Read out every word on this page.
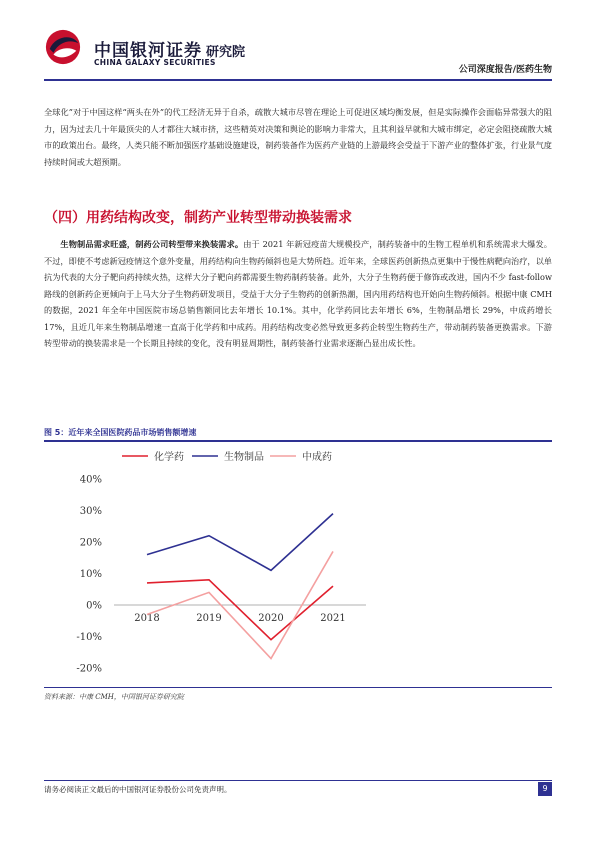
中国银河证券
CHINA GALAXY SECURITIES
研究院
公司深度报告/医药生物

全球化”对于中国这样“两头在外”的代工经济无异于自杀，疏散大城市尽管在理论上可促进区域均衡发展，但是实际操作会面临异常强大的阻力，因为过去几十年最顶尖的人才都往大城市挤，这些精英对决策和舆论的影响力非常大，且其利益早就和大城市绑定，必定会阻挠疏散大城市的政策出台。最终，人类只能不断加强医疗基础设施建设，制药装备作为医药产业链的上游最终会受益于下游产业的整体扩张，行业景气度持续时间或大超预期。

（四）用药结构改变，制药产业转型带动换装需求

生物制品需求旺盛，制药公司转型带来换装需求。由于 2021 年新冠疫苗大规模投产，制药装备中的生物工程单机和系统需求大爆发。不过，即使不考虑新冠疫情这个意外变量，用药结构向生物药倾斜也是大势所趋。近年来，全球医药创新热点更集中于慢性病靶向治疗，以单抗为代表的大分子靶向药持续火热，这样大分子靶向药都需要生物药制药装备。此外，大分子生物药便于修饰或改进，国内不少 fast-follow 路线的创新药企更倾向于上马大分子生物药研发项目，受益于大分子生物药的创新热潮，国内用药结构也开始向生物药倾斜。根据中康 CMH 的数据，2021 年全年中国医院市场总销售额同比去年增长 10.1%。其中，化学药同比去年增长 6%，生物制品增长 29%，中成药增长 17%，且近几年来生物制品增速一直高于化学药和中成药。用药结构改变必然导致更多药企转型生物药生产，带动制药装备更换需求。下游转型带动的换装需求是一个长期且持续的变化，没有明显周期性，制药装备行业需求逐渐凸显出成长性。

图 5：近年来全国医院药品市场销售额增速
化学药	生物制品	中成药
40%
30%
20%
10%
0%
-10%
-20%
2018	2019	2020	2021
资料来源：中康 CMH，中国银河证券研究院
请务必阅读正文最后的中国银河证券股份公司免责声明。	9
